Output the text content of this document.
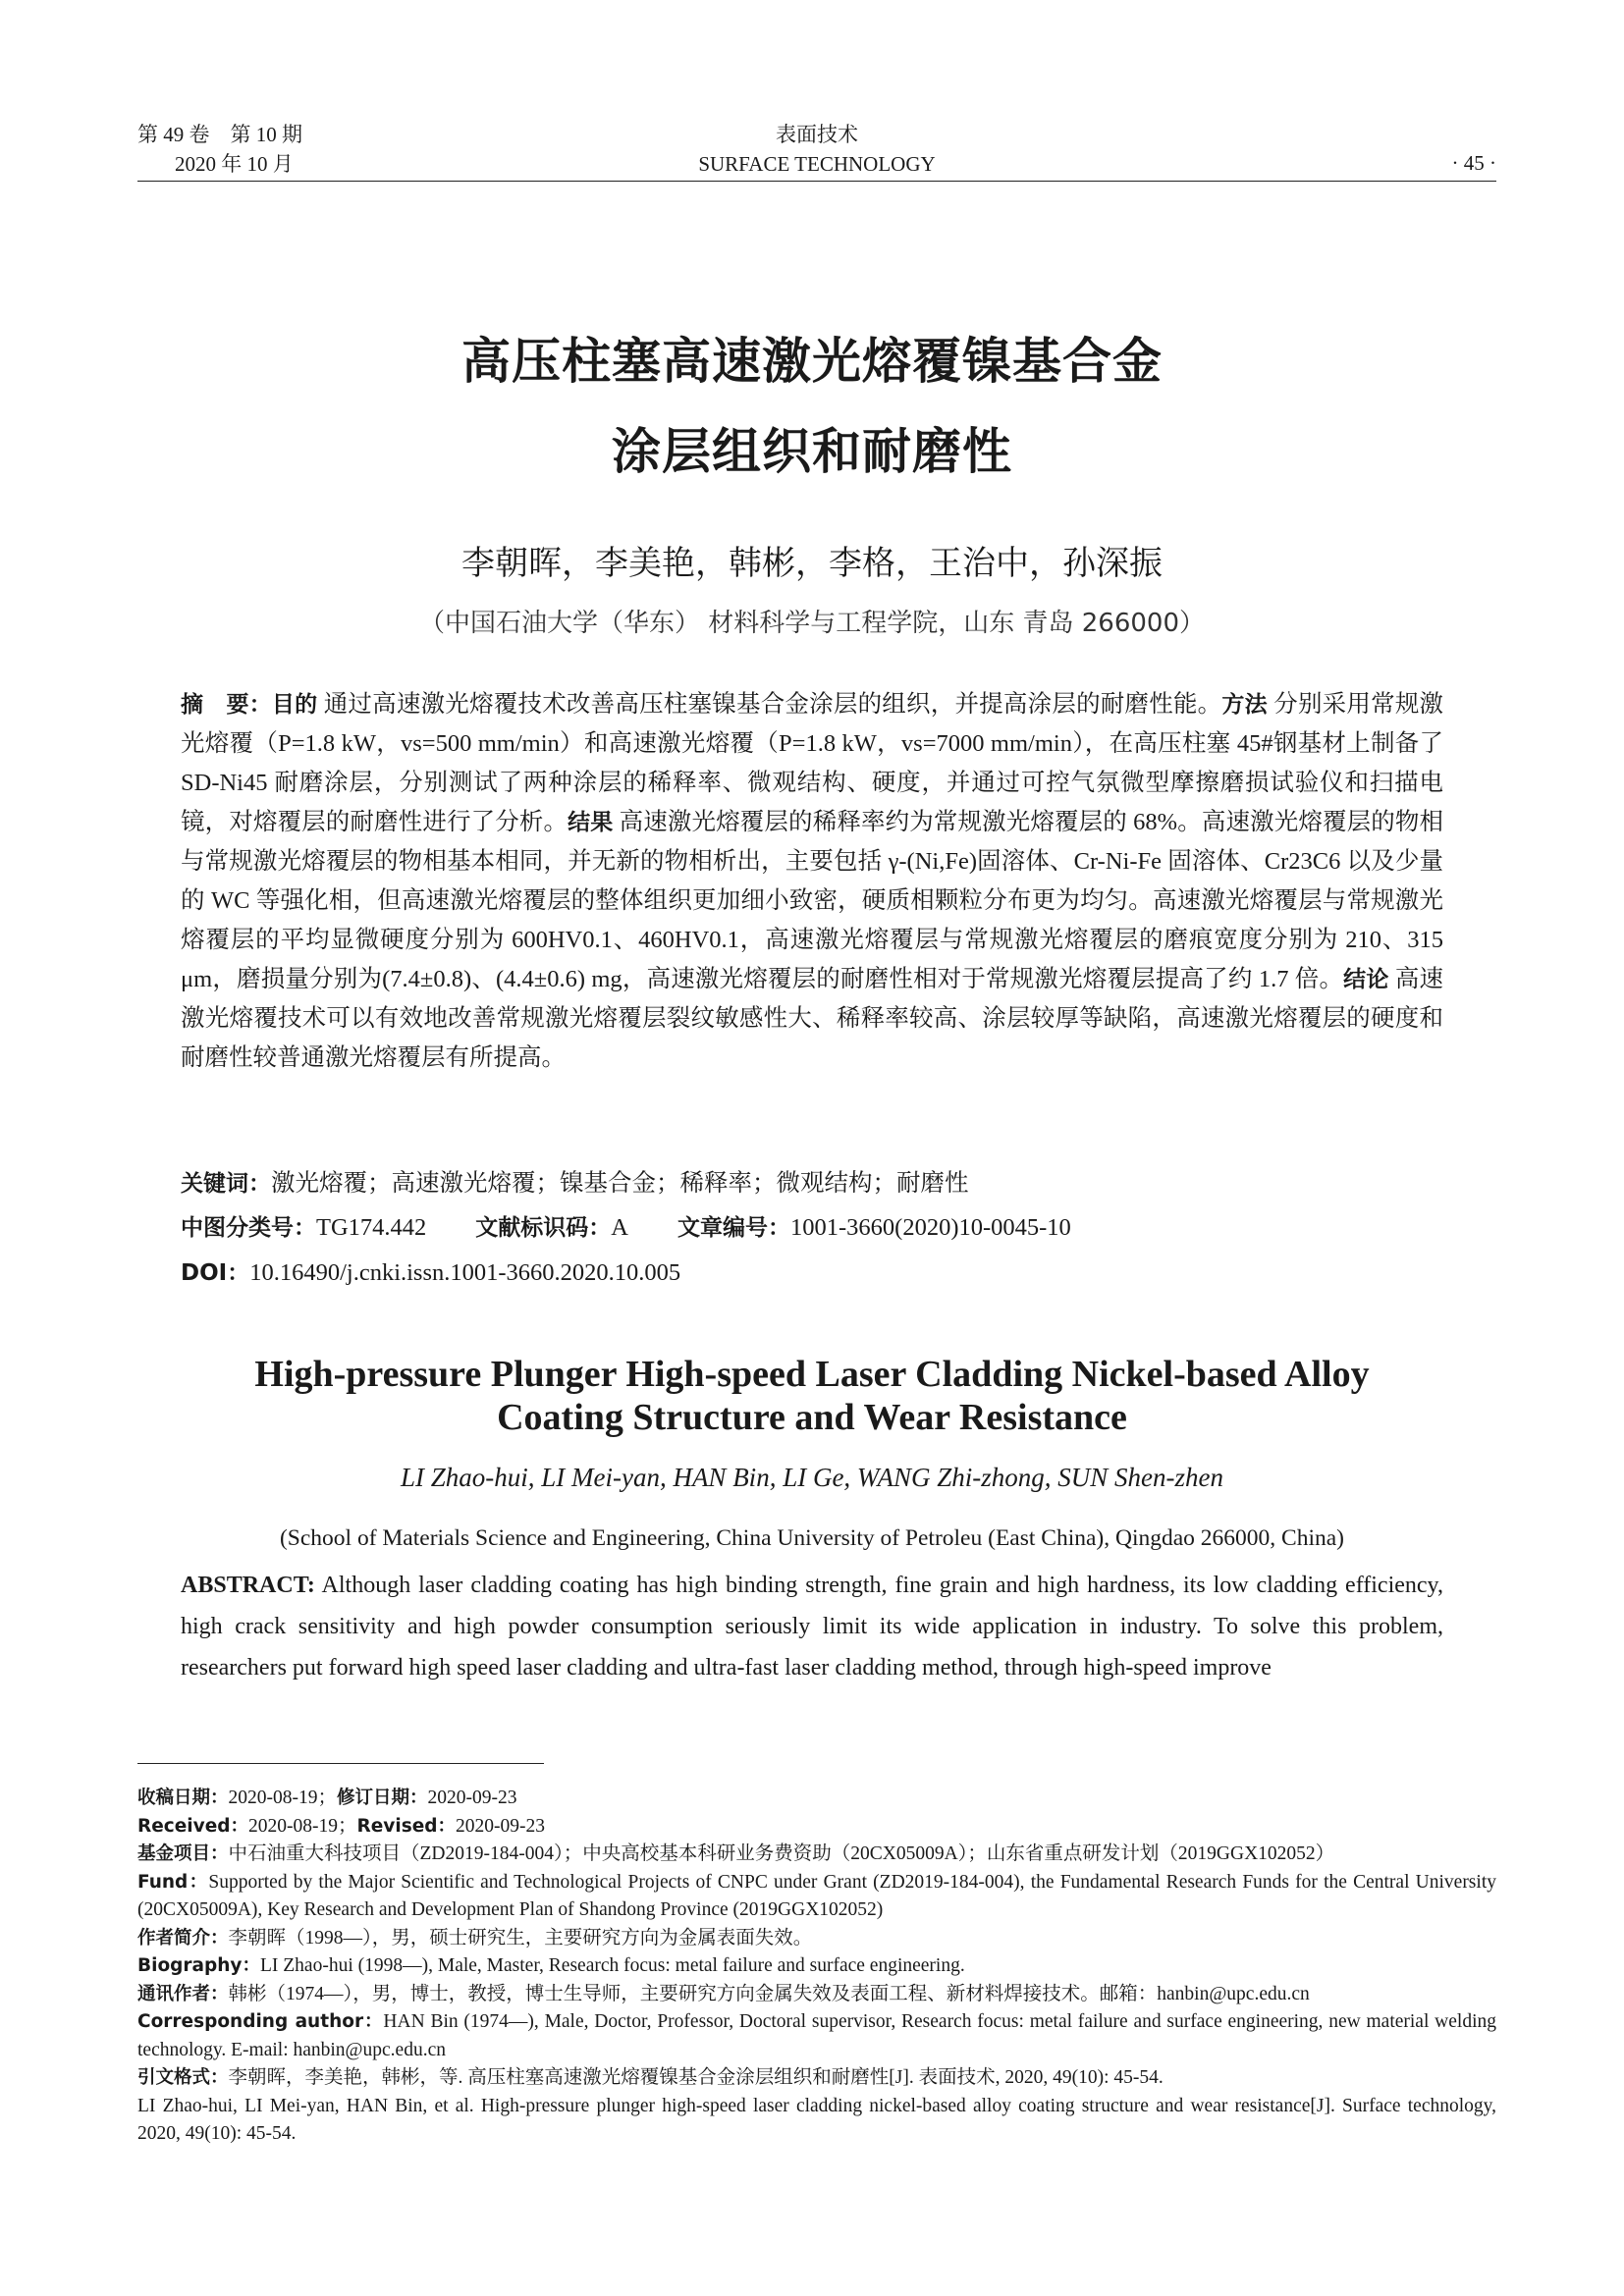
第 49 卷　第 10 期
2020 年 10 月
表面技术
SURFACE TECHNOLOGY	· 45 ·
高压柱塞高速激光熔覆镍基合金
涂层组织和耐磨性
李朝晖，李美艳，韩彬，李格，王治中，孙深振
（中国石油大学（华东） 材料科学与工程学院，山东 青岛 266000）
摘　要：目的 通过高速激光熔覆技术改善高压柱塞镍基合金涂层的组织，并提高涂层的耐磨性能。方法 分别采用常规激光熔覆（P=1.8 kW，vs=500 mm/min）和高速激光熔覆（P=1.8 kW，vs=7000 mm/min），在高压柱塞 45#钢基材上制备了 SD-Ni45 耐磨涂层，分别测试了两种涂层的稀释率、微观结构、硬度，并通过可控气氛微型摩擦磨损试验仪和扫描电镜，对熔覆层的耐磨性进行了分析。结果 高速激光熔覆层的稀释率约为常规激光熔覆层的 68%。高速激光熔覆层的物相与常规激光熔覆层的物相基本相同，并无新的物相析出，主要包括 γ-(Ni,Fe)固溶体、Cr-Ni-Fe 固溶体、Cr23C6 以及少量的 WC 等强化相，但高速激光熔覆层的整体组织更加细小致密，硬质相颗粒分布更为均匀。高速激光熔覆层与常规激光熔覆层的平均显微硬度分别为 600HV0.1、460HV0.1，高速激光熔覆层与常规激光熔覆层的磨痕宽度分别为 210、315 μm，磨损量分别为(7.4±0.8)、(4.4±0.6) mg，高速激光熔覆层的耐磨性相对于常规激光熔覆层提高了约 1.7 倍。结论 高速激光熔覆技术可以有效地改善常规激光熔覆层裂纹敏感性大、稀释率较高、涂层较厚等缺陷，高速激光熔覆层的硬度和耐磨性较普通激光熔覆层有所提高。
关键词：激光熔覆；高速激光熔覆；镍基合金；稀释率；微观结构；耐磨性
中图分类号：TG174.442 文献标识码：A 文章编号：1001-3660(2020)10-0045-10
DOI：10.16490/j.cnki.issn.1001-3660.2020.10.005
High-pressure Plunger High-speed Laser Cladding Nickel-based Alloy
Coating Structure and Wear Resistance
LI Zhao-hui, LI Mei-yan, HAN Bin, LI Ge, WANG Zhi-zhong, SUN Shen-zhen
(School of Materials Science and Engineering, China University of Petroleu (East China), Qingdao 266000, China)
ABSTRACT: Although laser cladding coating has high binding strength, fine grain and high hardness, its low cladding efficiency, high crack sensitivity and high powder consumption seriously limit its wide application in industry. To solve this problem, researchers put forward high speed laser cladding and ultra-fast laser cladding method, through high-speed improve

收稿日期：2020-08-19；修订日期：2020-09-23

Received：2020-08-19；Revised：2020-09-23

基金项目：中石油重大科技项目（ZD2019-184-004）；中央高校基本科研业务费资助（20CX05009A）；山东省重点研发计划（2019GGX102052）

Fund：Supported by the Major Scientific and Technological Projects of CNPC under Grant (ZD2019-184-004), the Fundamental Research Funds for the Central University (20CX05009A), Key Research and Development Plan of Shandong Province (2019GGX102052)

作者简介：李朝晖（1998—），男，硕士研究生，主要研究方向为金属表面失效。

Biography：LI Zhao-hui (1998—), Male, Master, Research focus: metal failure and surface engineering.

通讯作者：韩彬（1974—），男，博士，教授，博士生导师，主要研究方向金属失效及表面工程、新材料焊接技术。邮箱：hanbin@upc.edu.cn

Corresponding author：HAN Bin (1974—), Male, Doctor, Professor, Doctoral supervisor, Research focus: metal failure and surface engineering, new material welding technology. E-mail: hanbin@upc.edu.cn

引文格式：李朝晖，李美艳，韩彬，等. 高压柱塞高速激光熔覆镍基合金涂层组织和耐磨性[J]. 表面技术, 2020, 49(10): 45-54.

LI Zhao-hui, LI Mei-yan, HAN Bin, et al. High-pressure plunger high-speed laser cladding nickel-based alloy coating structure and wear resistance[J]. Surface technology, 2020, 49(10): 45-54.
